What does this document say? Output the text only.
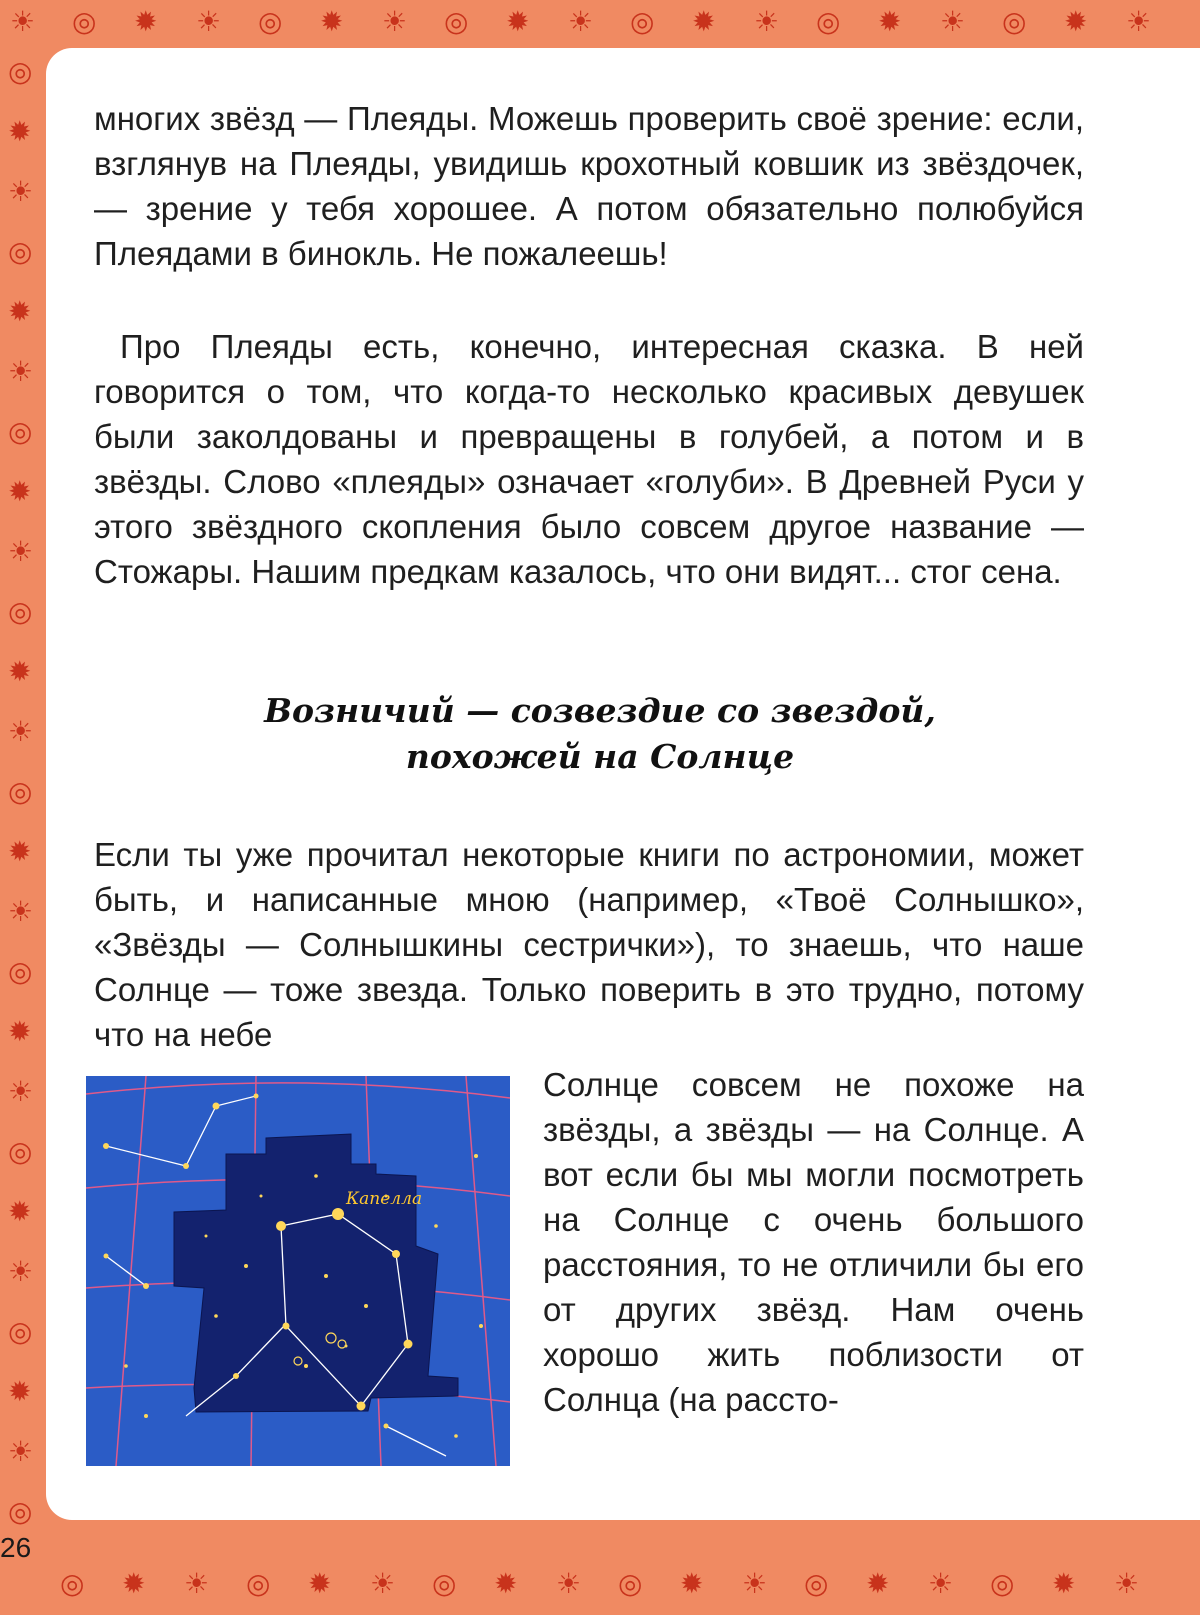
☀ ◎ ✹ ☀ ◎ ✹ ☀ ◎ ✹ ☀ ◎ ✹ ☀ ◎ ✹ ☀ ◎ ✹ ☀
◎
✹
☀
◎
✹
☀
◎
✹
☀
◎
✹
☀
◎
✹
☀
◎
✹
☀
◎
✹
☀
◎
✹
☀
◎
◎ ✹ ☀ ◎ ✹ ☀ ◎ ✹ ☀ ◎ ✹ ☀ ◎ ✹ ☀ ◎ ✹ ☀
26

многих звёзд — Плеяды. Можешь проверить своё зрение: если, взглянув на Плеяды, увидишь крохотный ковшик из звёздочек, — зрение у тебя хорошее. А потом обязательно полюбуйся Плеядами в бинокль. Не пожалеешь!

Про Плеяды есть, конечно, интересная сказка. В ней говорится о том, что когда-то несколько красивых девушек были заколдованы и превращены в голубей, а потом и в звёзды. Слово «плеяды» означает «голуби». В Древней Руси у этого звёздного скопления было совсем другое название — Стожары. Нашим предкам казалось, что они видят... стог сена.

Возничий — созвездие со звездой,
похожей на Солнце

Если ты уже прочитал некоторые книги по астрономии, может быть, и написанные мною (например, «Твоё Солнышко», «Звёзды — Солнышкины сестрички»), то знаешь, что наше Солнце — тоже звезда. Только поверить в это трудно, потому что на небе

Капелла

Солнце совсем не похоже на звёзды, а звёзды — на Солнце. А вот если бы мы могли посмотреть на Солнце с очень большого расстояния, то не отличили бы его от других звёзд. Нам очень хорошо жить поблизости от Солнца (на рассто-
